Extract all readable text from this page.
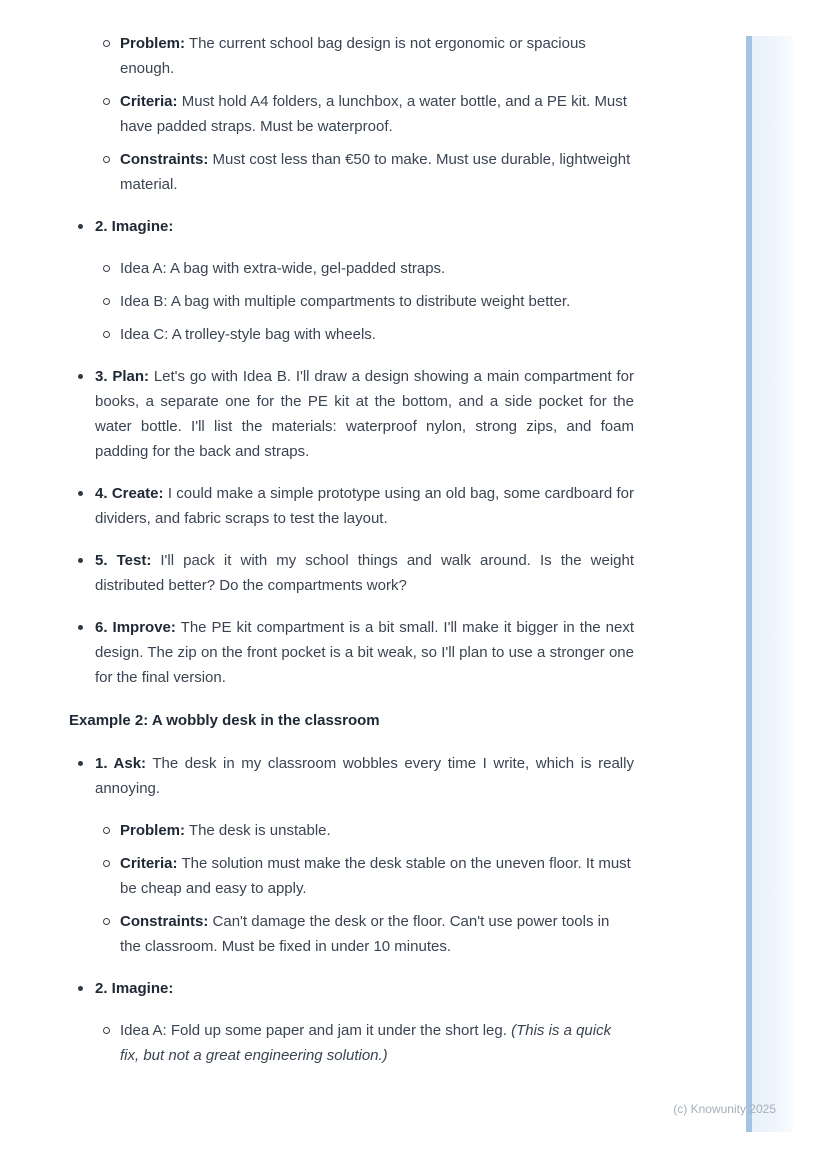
Problem: The current school bag design is not ergonomic or spacious enough.
Criteria: Must hold A4 folders, a lunchbox, a water bottle, and a PE kit. Must have padded straps. Must be waterproof.
Constraints: Must cost less than €50 to make. Must use durable, lightweight material.
2. Imagine:
Idea A: A bag with extra-wide, gel-padded straps.
Idea B: A bag with multiple compartments to distribute weight better.
Idea C: A trolley-style bag with wheels.
3. Plan: Let's go with Idea B. I'll draw a design showing a main compartment for books, a separate one for the PE kit at the bottom, and a side pocket for the water bottle. I'll list the materials: waterproof nylon, strong zips, and foam padding for the back and straps.
4. Create: I could make a simple prototype using an old bag, some cardboard for dividers, and fabric scraps to test the layout.
5. Test: I'll pack it with my school things and walk around. Is the weight distributed better? Do the compartments work?
6. Improve: The PE kit compartment is a bit small. I'll make it bigger in the next design. The zip on the front pocket is a bit weak, so I'll plan to use a stronger one for the final version.
Example 2: A wobbly desk in the classroom
1. Ask: The desk in my classroom wobbles every time I write, which is really annoying.
Problem: The desk is unstable.
Criteria: The solution must make the desk stable on the uneven floor. It must be cheap and easy to apply.
Constraints: Can't damage the desk or the floor. Can't use power tools in the classroom. Must be fixed in under 10 minutes.
2. Imagine:
Idea A: Fold up some paper and jam it under the short leg. (This is a quick fix, but not a great engineering solution.)
(c) Knowunity 2025
